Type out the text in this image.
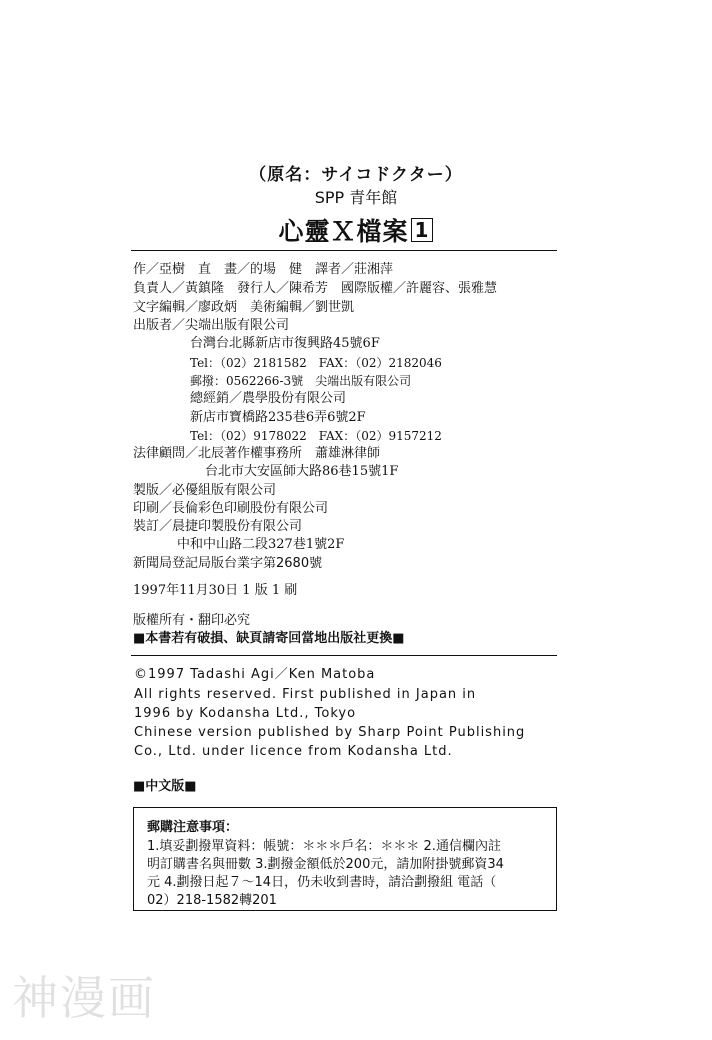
（原名：サイコドクター）
SPP 青年館
心靈Ｘ檔案 1
作／亞樹　直　畫／的場　健　譯者／莊湘萍
負責人／黃鎮隆　發行人／陳希芳　國際版權／許麗容、張雅慧
文字編輯／廖政炳　美術編輯／劉世凱
出版者／尖端出版有限公司
台灣台北縣新店市復興路45號6F
Tel：（02）2181582　FAX：（02）2182046
郵撥：0562266-3號　尖端出版有限公司
總經銷／農學股份有限公司
新店市寶橋路235巷6弄6號2F
Tel：（02）9178022　FAX：（02）9157212
法律顧問／北辰著作權事務所　蕭雄淋律師
台北市大安區師大路86巷15號1F
製版／必優組版有限公司
印刷／長倫彩色印刷股份有限公司
裝訂／晨捷印製股份有限公司
中和中山路二段327巷1號2F
新聞局登記局版台業字第2680號
1997年11月30日 1 版 1 刷
版權所有・翻印必究
■本書若有破損、缺頁請寄回當地出版社更換■
©1997 Tadashi Agi／Ken Matoba
All rights reserved. First published in Japan in
1996 by Kodansha Ltd., Tokyo
Chinese version published by Sharp Point Publishing
Co., Ltd. under licence from Kodansha Ltd.
■中文版■
郵購注意事項：
1.填妥劃撥單資料：帳號：＊＊＊戶名：＊＊＊ 2.通信欄內註
明訂購書名與冊數 3.劃撥金額低於200元，請加附掛號郵資34
元 4.劃撥日起７～14日，仍未收到書時，請洽劃撥組 電話（
02）218-1582轉201
神漫画
